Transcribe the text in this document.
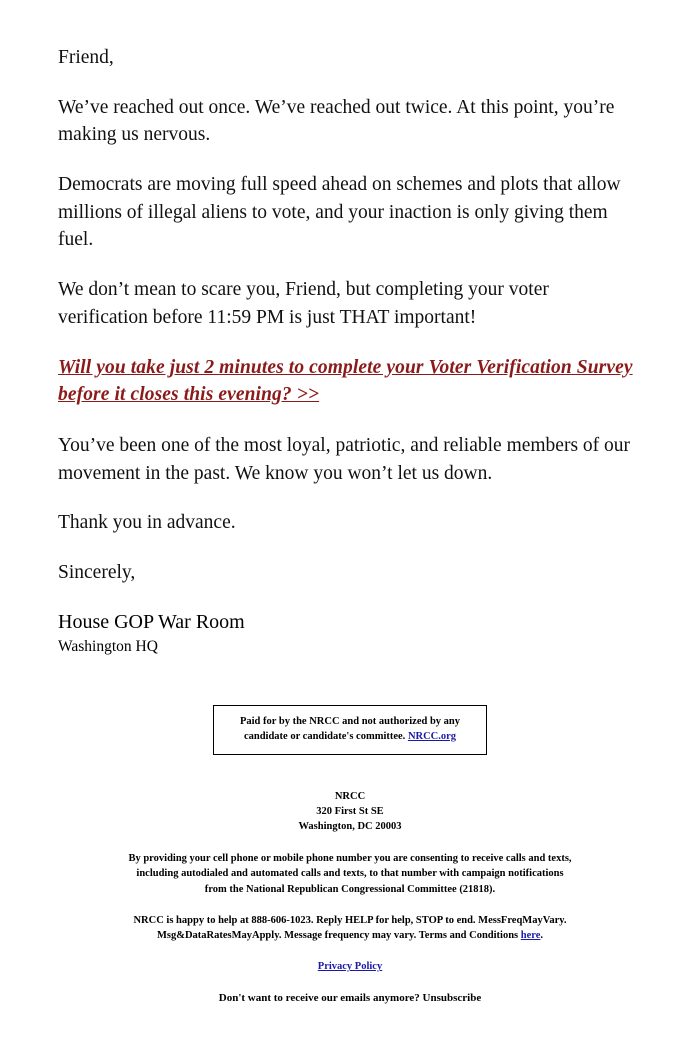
Friend,

We’ve reached out once. We’ve reached out twice. At this point, you’re making us nervous.

Democrats are moving full speed ahead on schemes and plots that allow millions of illegal aliens to vote, and your inaction is only giving them fuel.

We don’t mean to scare you, Friend, but completing your voter verification before 11:59 PM is just THAT important!

Will you take just 2 minutes to complete your Voter Verification Survey before it closes this evening? >>

You’ve been one of the most loyal, patriotic, and reliable members of our movement in the past. We know you won’t let us down.

Thank you in advance.

Sincerely,

House GOP War Room

Washington HQ

Paid for by the NRCC and not authorized by any candidate or candidate's committee. NRCC.org

NRCC
320 First St SE
Washington, DC 20003

By providing your cell phone or mobile phone number you are consenting to receive calls and texts, including autodialed and automated calls and texts, to that number with campaign notifications from the National Republican Congressional Committee (21818).

NRCC is happy to help at 888-606-1023. Reply HELP for help, STOP to end. MessFreqMayVary. Msg&DataRatesMayApply. Message frequency may vary. Terms and Conditions here.

Privacy Policy

Don't want to receive our emails anymore? Unsubscribe
